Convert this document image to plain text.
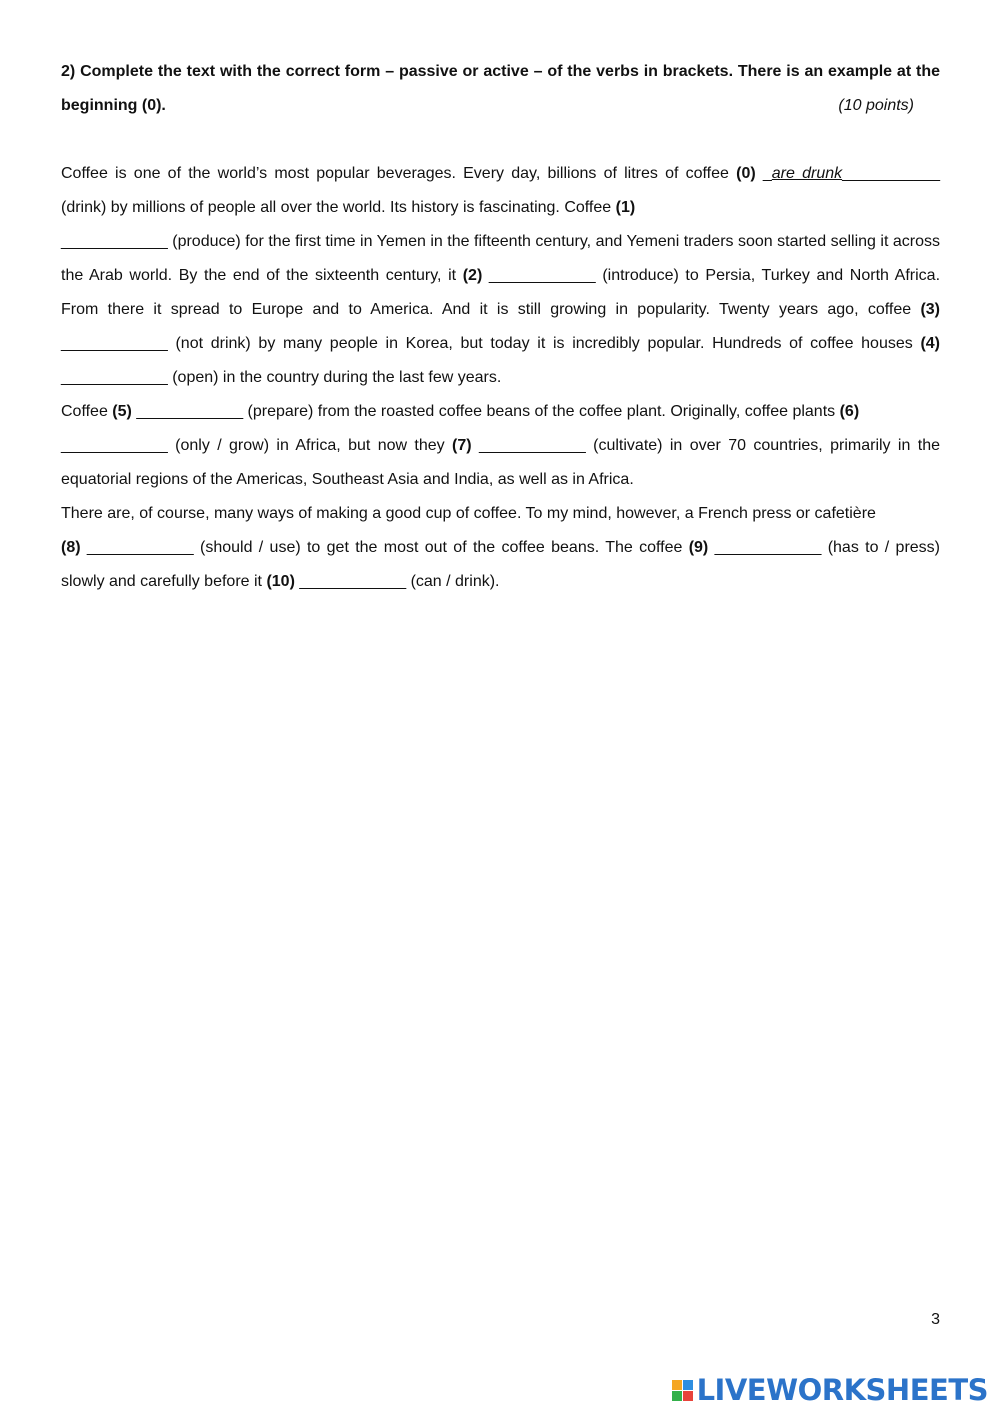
2) Complete the text with the correct form – passive or active – of the verbs in brackets. There is an example at the beginning (0).	(10 points)

Coffee is one of the world’s most popular beverages. Every day, billions of litres of coffee (0) _are drunk___________ (drink) by millions of people all over the world. Its history is fascinating. Coffee (1)
____________ (produce) for the first time in Yemen in the fifteenth century, and Yemeni traders soon started selling it across the Arab world. By the end of the sixteenth century, it (2) ____________ (introduce) to Persia, Turkey and North Africa. From there it spread to Europe and to America. And it is still growing in popularity. Twenty years ago, coffee (3) ____________ (not drink) by many people in Korea, but today it is incredibly popular. Hundreds of coffee houses (4) ____________ (open) in the country during the last few years.

Coffee (5) ____________ (prepare) from the roasted coffee beans of the coffee plant. Originally, coffee plants (6)
____________ (only / grow) in Africa, but now they (7) ____________ (cultivate) in over 70 countries, primarily in the equatorial regions of the Americas, Southeast Asia and India, as well as in Africa.

There are, of course, many ways of making a good cup of coffee. To my mind, however, a French press or cafetière
(8) ____________ (should / use) to get the most out of the coffee beans. The coffee (9) ____________ (has to / press) slowly and carefully before it (10) ____________ (can / drink).

3
LIVEWORKSHEETS
